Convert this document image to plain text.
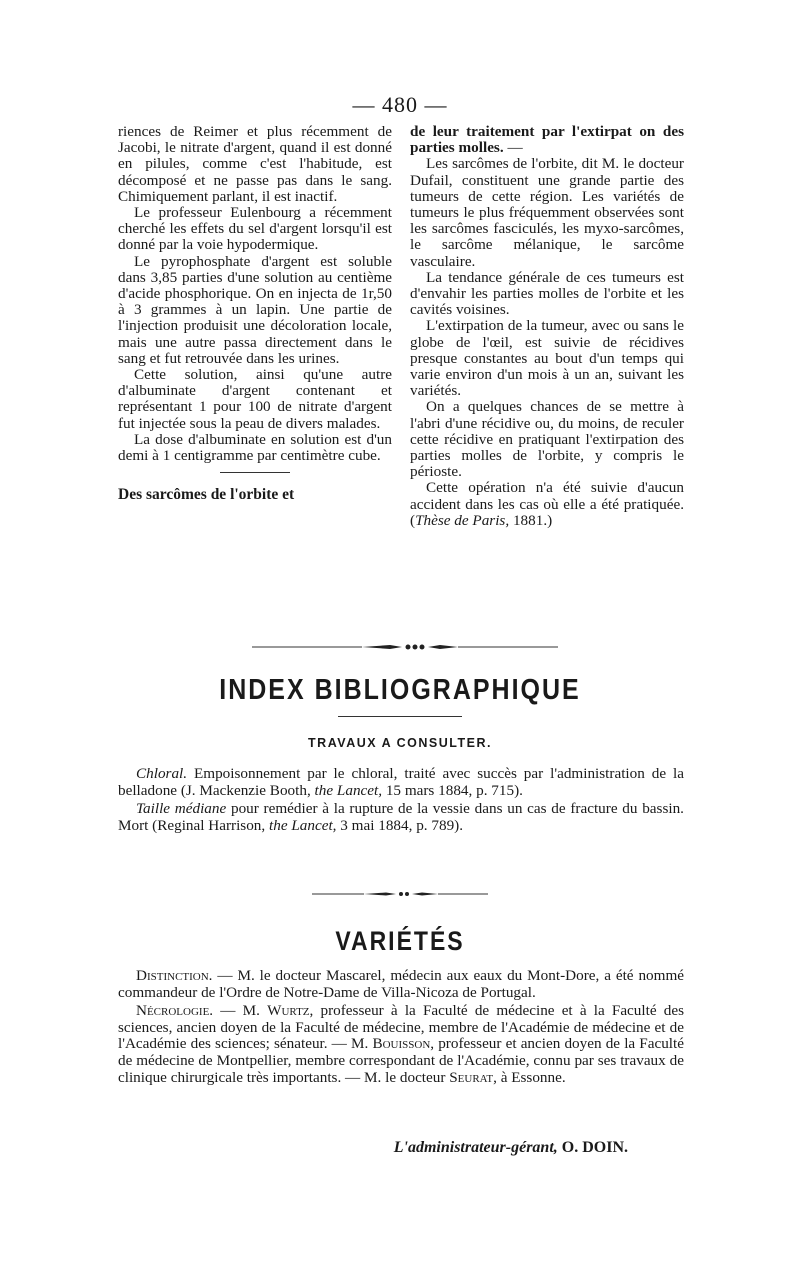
— 480 —

riences de Reimer et plus récemment de Jacobi, le nitrate d'argent, quand il est donné en pilules, comme c'est l'habitude, est décomposé et ne passe pas dans le sang. Chimiquement parlant, il est inactif.

Le professeur Eulenbourg a récemment cherché les effets du sel d'argent lorsqu'il est donné par la voie hypodermique.

Le pyrophosphate d'argent est soluble dans 3,85 parties d'une solution au centième d'acide phosphorique. On en injecta de 1r,50 à 3 grammes à un lapin. Une partie de l'injection produisit une décoloration locale, mais une autre passa directement dans le sang et fut retrouvée dans les urines.

Cette solution, ainsi qu'une autre d'albuminate d'argent contenant et représentant 1 pour 100 de nitrate d'argent fut injectée sous la peau de divers malades.

La dose d'albuminate en solution est d'un demi à 1 centigramme par centimètre cube.

Des sarcômes de l'orbite et

de leur traitement par l'extirpat on des parties molles. —

Les sarcômes de l'orbite, dit M. le docteur Dufail, constituent une grande partie des tumeurs de cette région. Les variétés de tumeurs le plus fréquemment observées sont les sarcômes fasciculés, les myxo-sarcômes, le sarcôme mélanique, le sarcôme vasculaire.

La tendance générale de ces tumeurs est d'envahir les parties molles de l'orbite et les cavités voisines.

L'extirpation de la tumeur, avec ou sans le globe de l'œil, est suivie de récidives presque constantes au bout d'un temps qui varie environ d'un mois à un an, suivant les variétés.

On a quelques chances de se mettre à l'abri d'une récidive ou, du moins, de reculer cette récidive en pratiquant l'extirpation des parties molles de l'orbite, y compris le périoste.

Cette opération n'a été suivie d'aucun accident dans les cas où elle a été pratiquée. (Thèse de Paris, 1881.)

INDEX BIBLIOGRAPHIQUE
TRAVAUX A CONSULTER.

Chloral. Empoisonnement par le chloral, traité avec succès par l'administration de la belladone (J. Mackenzie Booth, the Lancet, 15 mars 1884, p. 715).

Taille médiane pour remédier à la rupture de la vessie dans un cas de fracture du bassin. Mort (Reginal Harrison, the Lancet, 3 mai 1884, p. 789).

VARIÉTÉS

Distinction. — M. le docteur Mascarel, médecin aux eaux du Mont-Dore, a été nommé commandeur de l'Ordre de Notre-Dame de Villa-Nicoza de Portugal.

Nécrologie. — M. Wurtz, professeur à la Faculté de médecine et à la Faculté des sciences, ancien doyen de la Faculté de médecine, membre de l'Académie de médecine et de l'Académie des sciences; sénateur. — M. Bouisson, professeur et ancien doyen de la Faculté de médecine de Montpellier, membre correspondant de l'Académie, connu par ses travaux de clinique chirurgicale très importants. — M. le docteur Seurat, à Essonne.

L'administrateur-gérant, O. DOIN.
